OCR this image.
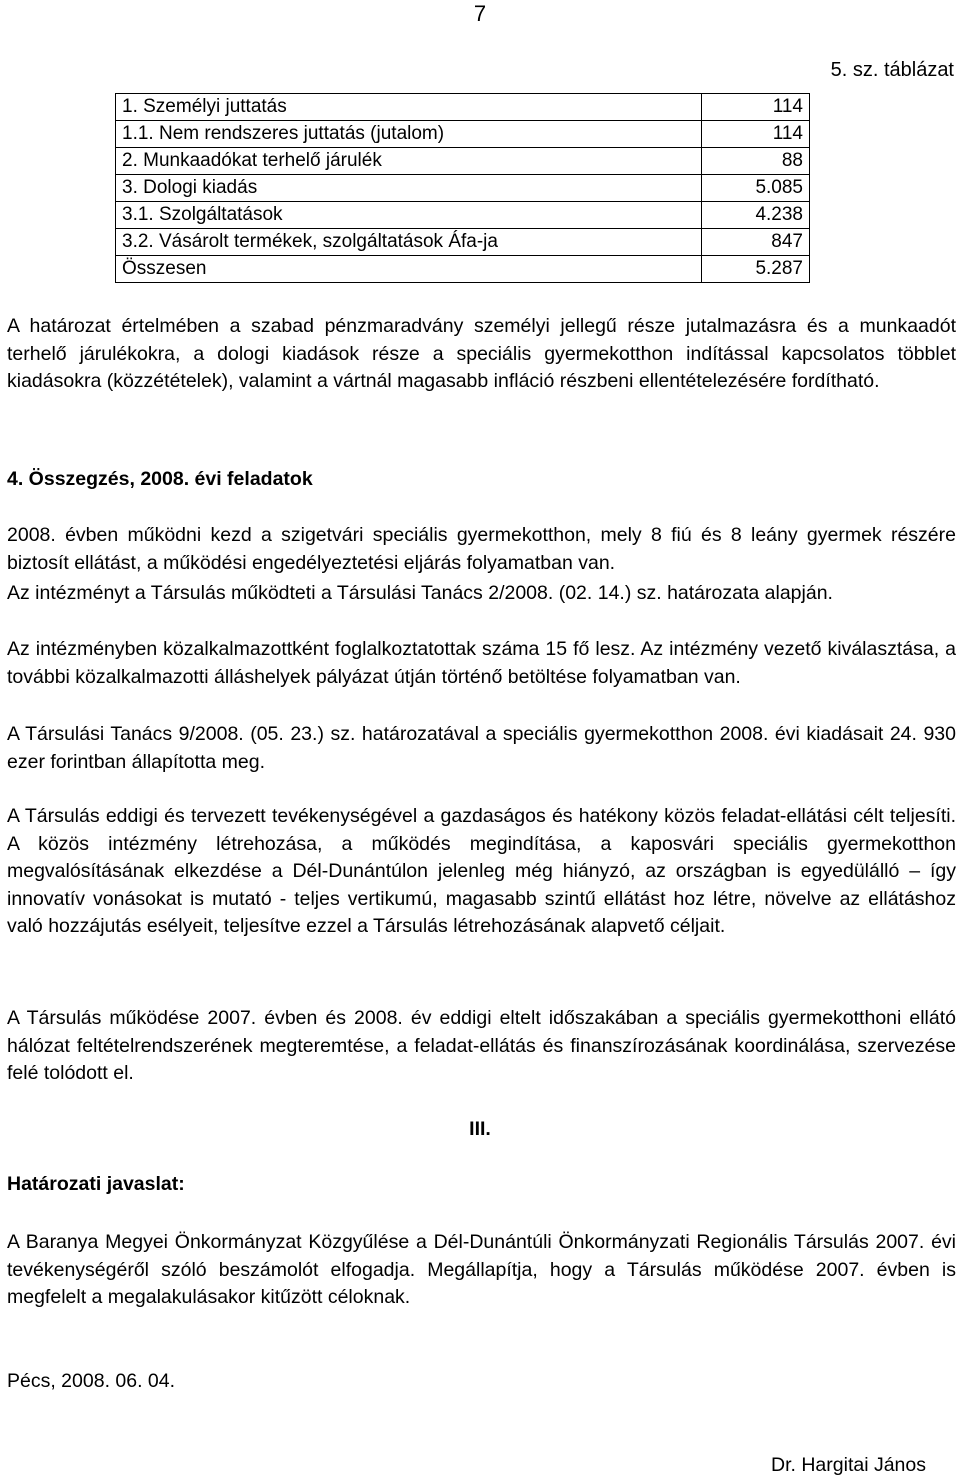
7
5. sz. táblázat
1. Személyi juttatás	114
1.1. Nem rendszeres juttatás (jutalom)	114
2. Munkaadókat terhelő járulék	88
3. Dologi kiadás	5.085
3.1. Szolgáltatások	4.238
3.2. Vásárolt termékek, szolgáltatások Áfa-ja	847
Összesen	5.287

A határozat értelmében a szabad pénzmaradvány személyi jellegű része jutalmazásra és a munkaadót terhelő járulékokra, a dologi kiadások része a speciális gyermekotthon indítással kapcsolatos többlet kiadásokra (közzétételek), valamint a vártnál magasabb infláció részbeni ellentételezésére fordítható.

4. Összegzés, 2008. évi feladatok

2008. évben működni kezd a szigetvári speciális gyermekotthon, mely 8 fiú és 8 leány gyermek részére biztosít ellátást, a működési engedélyeztetési eljárás folyamatban van.

Az intézményt a Társulás működteti a Társulási Tanács 2/2008. (02. 14.) sz. határozata alapján.

Az intézményben közalkalmazottként foglalkoztatottak száma 15 fő lesz. Az intézmény vezető kiválasztása, a további közalkalmazotti álláshelyek pályázat útján történő betöltése folyamatban van.

A Társulási Tanács 9/2008. (05. 23.) sz. határozatával a speciális gyermekotthon 2008. évi kiadásait 24. 930 ezer forintban állapította meg.

A Társulás eddigi és tervezett tevékenységével a gazdaságos és hatékony közös feladat-ellátási célt teljesíti. A közös intézmény létrehozása, a működés megindítása, a kaposvári speciális gyermekotthon megvalósításának elkezdése a Dél-Dunántúlon jelenleg még hiányzó, az országban is egyedülálló – így innovatív vonásokat is mutató - teljes vertikumú, magasabb szintű ellátást hoz létre, növelve az ellátáshoz való hozzájutás esélyeit, teljesítve ezzel a Társulás létrehozásának alapvető céljait.

A Társulás működése 2007. évben és 2008. év eddigi eltelt időszakában a speciális gyermekotthoni ellátó hálózat feltételrendszerének megteremtése, a feladat-ellátás és finanszírozásának koordinálása, szervezése felé tolódott el.

III.

Határozati javaslat:

A Baranya Megyei Önkormányzat Közgyűlése a Dél-Dunántúli Önkormányzati Regionális Társulás 2007. évi tevékenységéről szóló beszámolót elfogadja. Megállapítja, hogy a Társulás működése 2007. évben is megfelelt a megalakulásakor kitűzött céloknak.

Pécs, 2008. 06. 04.

Dr. Hargitai János
